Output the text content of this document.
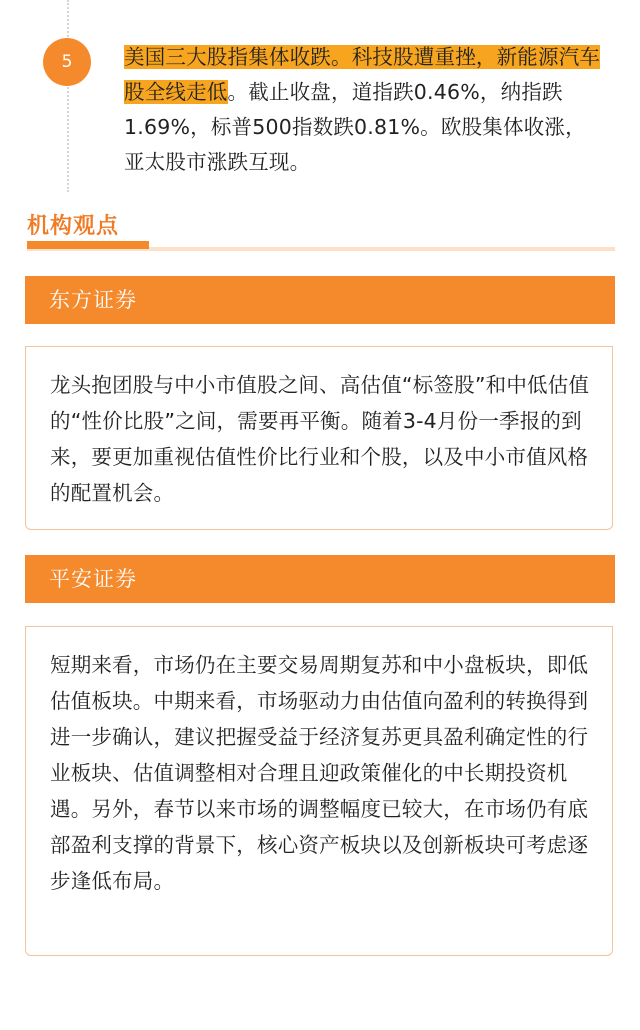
5	美国三大股指集体收跌。科技股遭重挫，新能源汽车股全线走低。截止收盘，道指跌0.46%，纳指跌1.69%，标普500指数跌0.81%。欧股集体收涨，亚太股市涨跌互现。
机构观点
东方证券

龙头抱团股与中小市值股之间、高估值“标签股”和中低估值的“性价比股”之间，需要再平衡。随着3-4月份一季报的到来，要更加重视估值性价比行业和个股，以及中小市值风格的配置机会。

平安证券

短期来看，市场仍在主要交易周期复苏和中小盘板块，即低估值板块。中期来看，市场驱动力由估值向盈利的转换得到进一步确认，建议把握受益于经济复苏更具盈利确定性的行业板块、估值调整相对合理且迎政策催化的中长期投资机遇。另外，春节以来市场的调整幅度已较大，在市场仍有底部盈利支撑的背景下，核心资产板块以及创新板块可考虑逐步逢低布局。
